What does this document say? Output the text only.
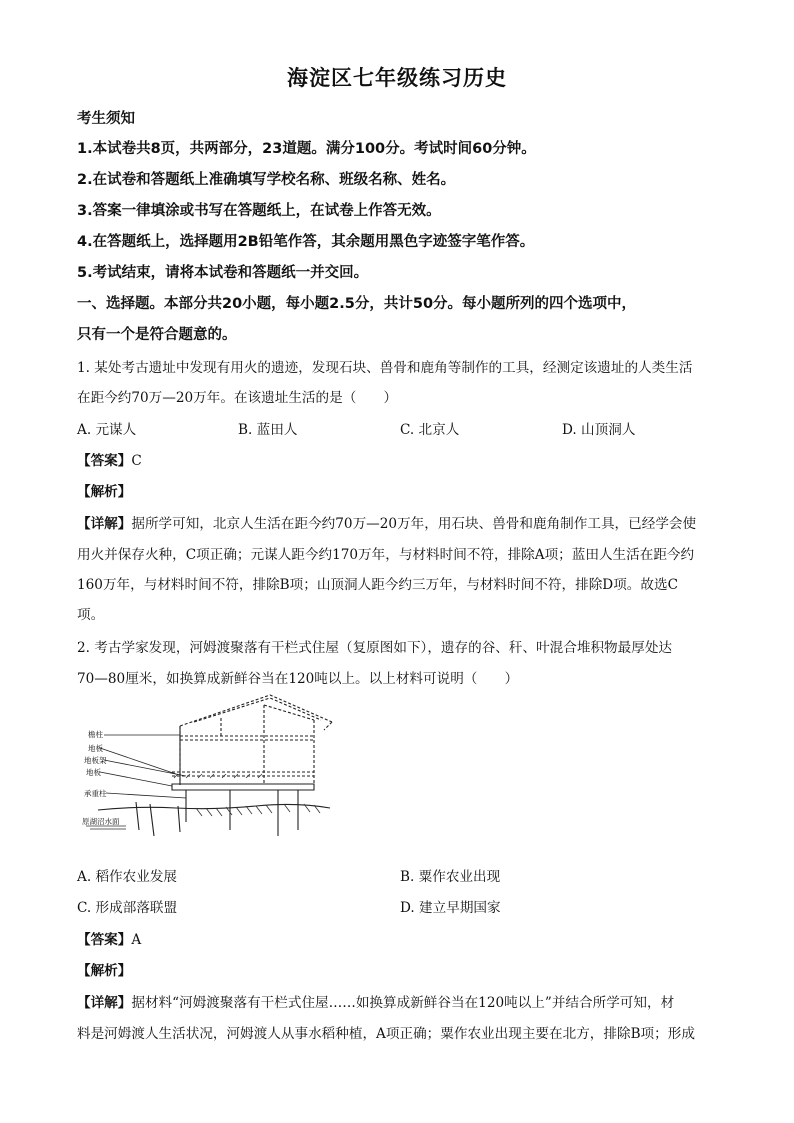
海淀区七年级练习历史
考生须知
1.本试卷共8页，共两部分，23道题。满分100分。考试时间60分钟。
2.在试卷和答题纸上准确填写学校名称、班级名称、姓名。
3.答案一律填涂或书写在答题纸上，在试卷上作答无效。
4.在答题纸上，选择题用2B铅笔作答，其余题用黑色字迹签字笔作答。
5.考试结束，请将本试卷和答题纸一并交回。
一、选择题。本部分共20小题，每小题2.5分，共计50分。每小题所列的四个选项中，
只有一个是符合题意的。
1. 某处考古遗址中发现有用火的遗迹，发现石块、兽骨和鹿角等制作的工具，经测定该遗址的人类生活
在距今约70万—20万年。在该遗址生活的是（　　）
A. 元谋人	B. 蓝田人	C. 北京人	D. 山顶洞人
【答案】C
【解析】
【详解】据所学可知，北京人生活在距今约70万—20万年，用石块、兽骨和鹿角制作工具，已经学会使
用火并保存火种，C项正确；元谋人距今约170万年，与材料时间不符，排除A项；蓝田人生活在距今约
160万年，与材料时间不符，排除B项；山顶洞人距今约三万年，与材料时间不符，排除D项。故选C
项。
2. 考古学家发现，河姆渡聚落有干栏式住屋（复原图如下），遗存的谷、秆、叶混合堆积物最厚处达
70—80厘米，如换算成新鲜谷当在120吨以上。以上材料可说明（　　）
檐柱
地板
地板架
地板
承重柱
原湖沼水面
A. 稻作农业发展	B. 粟作农业出现
C. 形成部落联盟	D. 建立早期国家
【答案】A
【解析】
【详解】据材料“河姆渡聚落有干栏式住屋……如换算成新鲜谷当在120吨以上”并结合所学可知，材
料是河姆渡人生活状况，河姆渡人从事水稻种植，A项正确；粟作农业出现主要在北方，排除B项；形成
